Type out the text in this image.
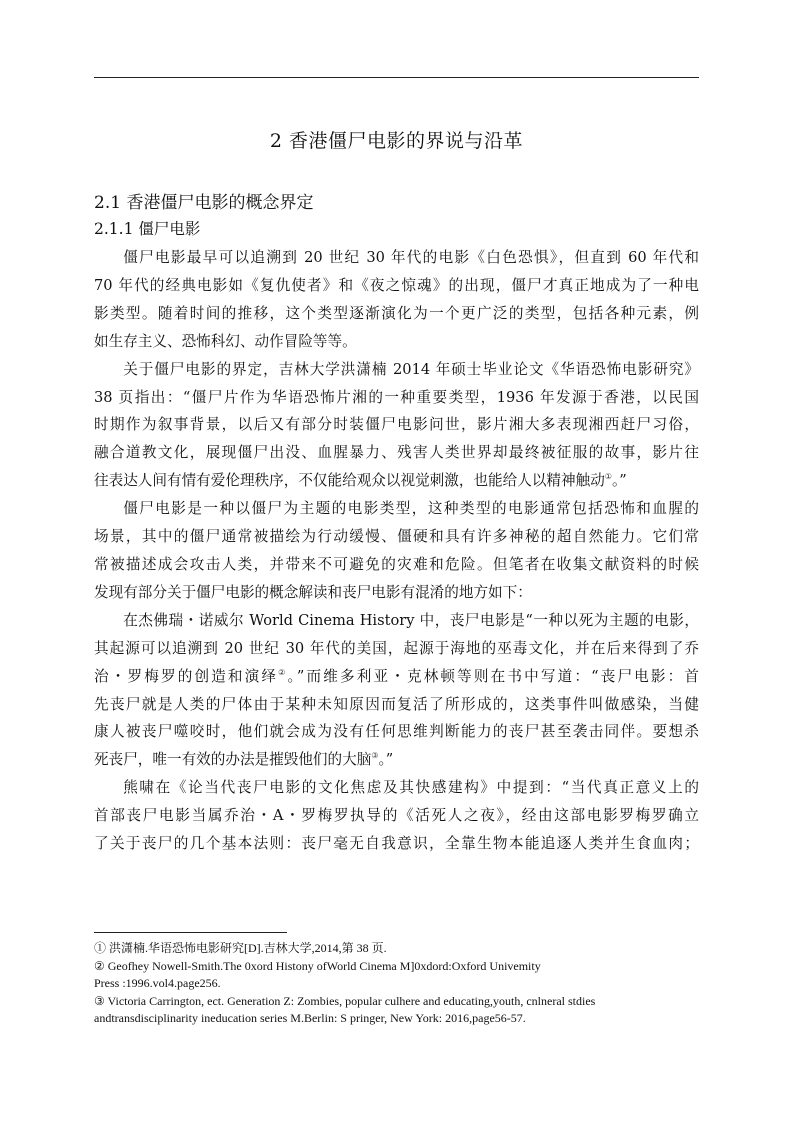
2 香港僵尸电影的界说与沿革
2.1 香港僵尸电影的概念界定
2.1.1 僵尸电影

僵尸电影最早可以追溯到 20 世纪 30 年代的电影《白色恐惧》，但直到 60 年代和
70 年代的经典电影如《复仇使者》和《夜之惊魂》的出现，僵尸才真正地成为了一种电
影类型。随着时间的推移，这个类型逐渐演化为一个更广泛的类型，包括各种元素，例
如生存主义、恐怖科幻、动作冒险等等。

关于僵尸电影的界定，吉林大学洪潇楠 2014 年硕士毕业论文《华语恐怖电影研究》
38 页指出：“僵尸片作为华语恐怖片湘的一种重要类型，1936 年发源于香港，以民国
时期作为叙事背景，以后又有部分时装僵尸电影问世，影片湘大多表现湘西赶尸习俗，
融合道教文化，展现僵尸出没、血腥暴力、残害人类世界却最终被征服的故事，影片往
往表达人间有情有爱伦理秩序，不仅能给观众以视觉刺激，也能给人以精神触动①。”

僵尸电影是一种以僵尸为主题的电影类型，这种类型的电影通常包括恐怖和血腥的
场景，其中的僵尸通常被描绘为行动缓慢、僵硬和具有许多神秘的超自然能力。它们常
常被描述成会攻击人类，并带来不可避免的灾难和危险。但笔者在收集文献资料的时候
发现有部分关于僵尸电影的概念解读和丧尸电影有混淆的地方如下：

在杰佛瑞・诺威尔 World Cinema History 中，丧尸电影是“一种以死为主题的电影，
其起源可以追溯到 20 世纪 30 年代的美国，起源于海地的巫毒文化，并在后来得到了乔
治・罗梅罗的创造和演绎②。”而维多利亚・克林顿等则在书中写道：“丧尸电影：首
先丧尸就是人类的尸体由于某种未知原因而复活了所形成的，这类事件叫做感染，当健
康人被丧尸噬咬时，他们就会成为没有任何思维判断能力的丧尸甚至袭击同伴。要想杀
死丧尸，唯一有效的办法是摧毁他们的大脑③。”

熊啸在《论当代丧尸电影的文化焦虑及其快感建构》中提到：“当代真正意义上的
首部丧尸电影当属乔治・A・罗梅罗执导的《活死人之夜》，经由这部电影罗梅罗确立
了关于丧尸的几个基本法则：丧尸毫无自我意识，全靠生物本能追逐人类并生食血肉；

① 洪潇楠.华语恐怖电影研究[D].吉林大学,2014,第 38 页.
② Geofhey Nowell-Smith.The 0xord Histony ofWorld Cinema M]0xdord:Oxford Univemity
Press :1996.vol4.page256.
③ Victoria Carrington, ect. Generation Z: Zombies, popular culhere and educating,youth, cnlneral stdies
andtransdisciplinarity ineducation series M.Berlin: S pringer, New York: 2016,page56-57.
